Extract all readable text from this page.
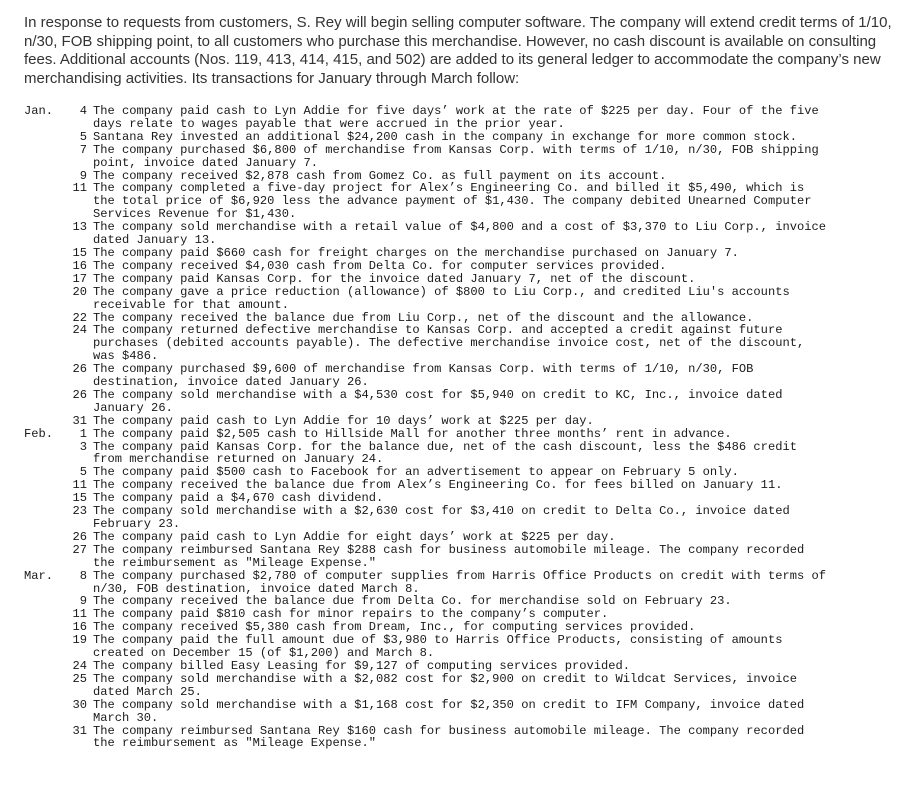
In response to requests from customers, S. Rey will begin selling computer software. The company will extend credit terms of 1/10, n/30, FOB shipping point, to all customers who purchase this merchandise. However, no cash discount is available on consulting fees. Additional accounts (Nos. 119, 413, 414, 415, and 502) are added to its general ledger to accommodate the company’s new merchandising activities. Its transactions for January through March follow:
Jan.	4 The company paid cash to Lyn Addie for five days’ work at the rate of $225 per day. Four of the five
days relate to wages payable that were accrued in the prior year.
5 Santana Rey invested an additional $24,200 cash in the company in exchange for more common stock.
7 The company purchased $6,800 of merchandise from Kansas Corp. with terms of 1/10, n/30, FOB shipping
point, invoice dated January 7.
9 The company received $2,878 cash from Gomez Co. as full payment on its account.
11 The company completed a five-day project for Alex’s Engineering Co. and billed it $5,490, which is
the total price of $6,920 less the advance payment of $1,430. The company debited Unearned Computer
Services Revenue for $1,430.
13 The company sold merchandise with a retail value of $4,800 and a cost of $3,370 to Liu Corp., invoice
dated January 13.
15 The company paid $660 cash for freight charges on the merchandise purchased on January 7.
16 The company received $4,030 cash from Delta Co. for computer services provided.
17 The company paid Kansas Corp. for the invoice dated January 7, net of the discount.
20 The company gave a price reduction (allowance) of $800 to Liu Corp., and credited Liu's accounts
receivable for that amount.
22 The company received the balance due from Liu Corp., net of the discount and the allowance.
24 The company returned defective merchandise to Kansas Corp. and accepted a credit against future
purchases (debited accounts payable). The defective merchandise invoice cost, net of the discount,
was $486.
26 The company purchased $9,600 of merchandise from Kansas Corp. with terms of 1/10, n/30, FOB
destination, invoice dated January 26.
26 The company sold merchandise with a $4,530 cost for $5,940 on credit to KC, Inc., invoice dated
January 26.
31 The company paid cash to Lyn Addie for 10 days’ work at $225 per day.
Feb.	1 The company paid $2,505 cash to Hillside Mall for another three months’ rent in advance.
3 The company paid Kansas Corp. for the balance due, net of the cash discount, less the $486 credit
from merchandise returned on January 24.
5 The company paid $500 cash to Facebook for an advertisement to appear on February 5 only.
11 The company received the balance due from Alex’s Engineering Co. for fees billed on January 11.
15 The company paid a $4,670 cash dividend.
23 The company sold merchandise with a $2,630 cost for $3,410 on credit to Delta Co., invoice dated
February 23.
26 The company paid cash to Lyn Addie for eight days’ work at $225 per day.
27 The company reimbursed Santana Rey $288 cash for business automobile mileage. The company recorded
the reimbursement as "Mileage Expense."
Mar.	8 The company purchased $2,780 of computer supplies from Harris Office Products on credit with terms of
n/30, FOB destination, invoice dated March 8.
9 The company received the balance due from Delta Co. for merchandise sold on February 23.
11 The company paid $810 cash for minor repairs to the company’s computer.
16 The company received $5,380 cash from Dream, Inc., for computing services provided.
19 The company paid the full amount due of $3,980 to Harris Office Products, consisting of amounts
created on December 15 (of $1,200) and March 8.
24 The company billed Easy Leasing for $9,127 of computing services provided.
25 The company sold merchandise with a $2,082 cost for $2,900 on credit to Wildcat Services, invoice
dated March 25.
30 The company sold merchandise with a $1,168 cost for $2,350 on credit to IFM Company, invoice dated
March 30.
31 The company reimbursed Santana Rey $160 cash for business automobile mileage. The company recorded
the reimbursement as "Mileage Expense."
